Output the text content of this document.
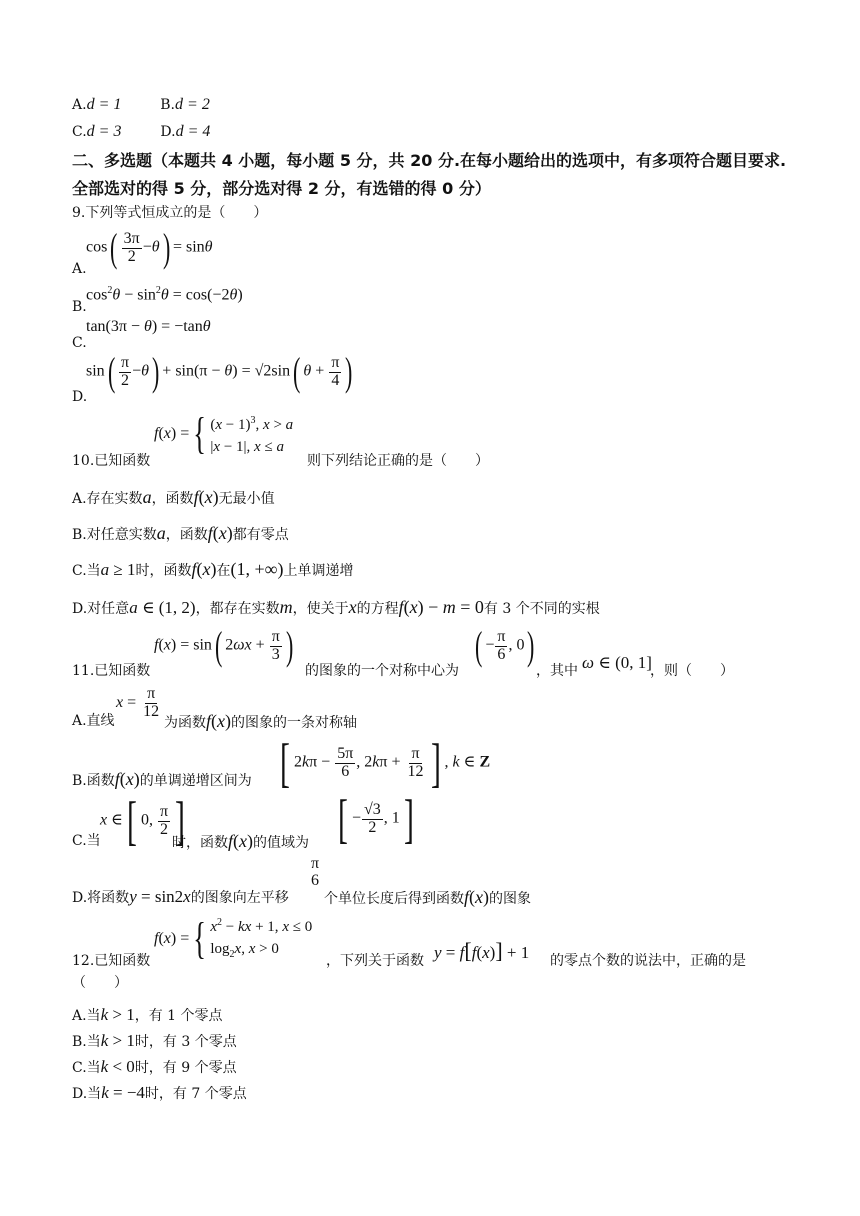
A.d = 1	B.d = 2
C.d = 3	D.d = 4
二、多选题（本题共 4 小题，每小题 5 分，共 20 分.在每小题给出的选项中，有多项符合题目要求.全部选对的得 5 分，部分选对得 2 分，有选错的得 0 分）
9.下列等式恒成立的是（　　）
A.
$\cos( \frac{3\pi}{2} -\theta) = \sin\theta$
B.
$\cos^2\theta - \sin^2\theta = \cos(-2\theta)$
C.
tan(3π − θ) = −tanθ
D.
$\sin( \frac{\pi}{2} -\theta) + \sin(\pi - \theta) = √2\sin$( $\theta + \frac{\pi}{4}$ )
10.已知函数
f ( x ) = { $(x - 1)^3$, x > a
|x − 1|, x ≤ a
则下列结论正确的是（　　）
A.存在实数a，函数f(x)无最小值
B.对任意实数a，函数f(x)都有零点
C.当a ≥ 1时，函数f(x)在(1, +∞)上单调递增
D.对任意a ∈ (1, 2)，都存在实数m，使关于x的方程f(x) − m = 0有 3 个不同的实根
11.已知函数
f(x) = sin( $2\omega x + \frac{\pi}{3}$ )
的图象的一个对称中心为
( − $\frac{\pi}{6}$ , 0)
，其中 ω ∈ (0, 1]
，则（　　）
A.直线
$x = \frac{\pi}{12}$
为函数f(x)的图象的一条对称轴
B.函数f(x)的单调递增区间为 [ $2k\pi - \frac{5\pi}{6}$ , $2k\pi + \frac{\pi}{12}$ ] , k ∈ Z
C.当
x ∈[ 0, $\frac{\pi}{2}$ ]
时，函数f(x)的值域为 [ − $\frac{√3}{2}$ , 1]
D.将函数y = sin2x的图象向左平移
π
6
个单位长度后得到函数f(x)的图象
12.已知函数
f ( x ) = { $x^2$ − kx + 1, x ≤ 0
$\log_2x$, x > 0
，下列关于函数 y = f[f(x)] + 1 的零点个数的说法中，正确的是
（　　）
A.当k > 1，有 1 个零点
B.当k > 1时，有 3 个零点
C.当k < 0时，有 9 个零点
D.当k = −4时，有 7 个零点
